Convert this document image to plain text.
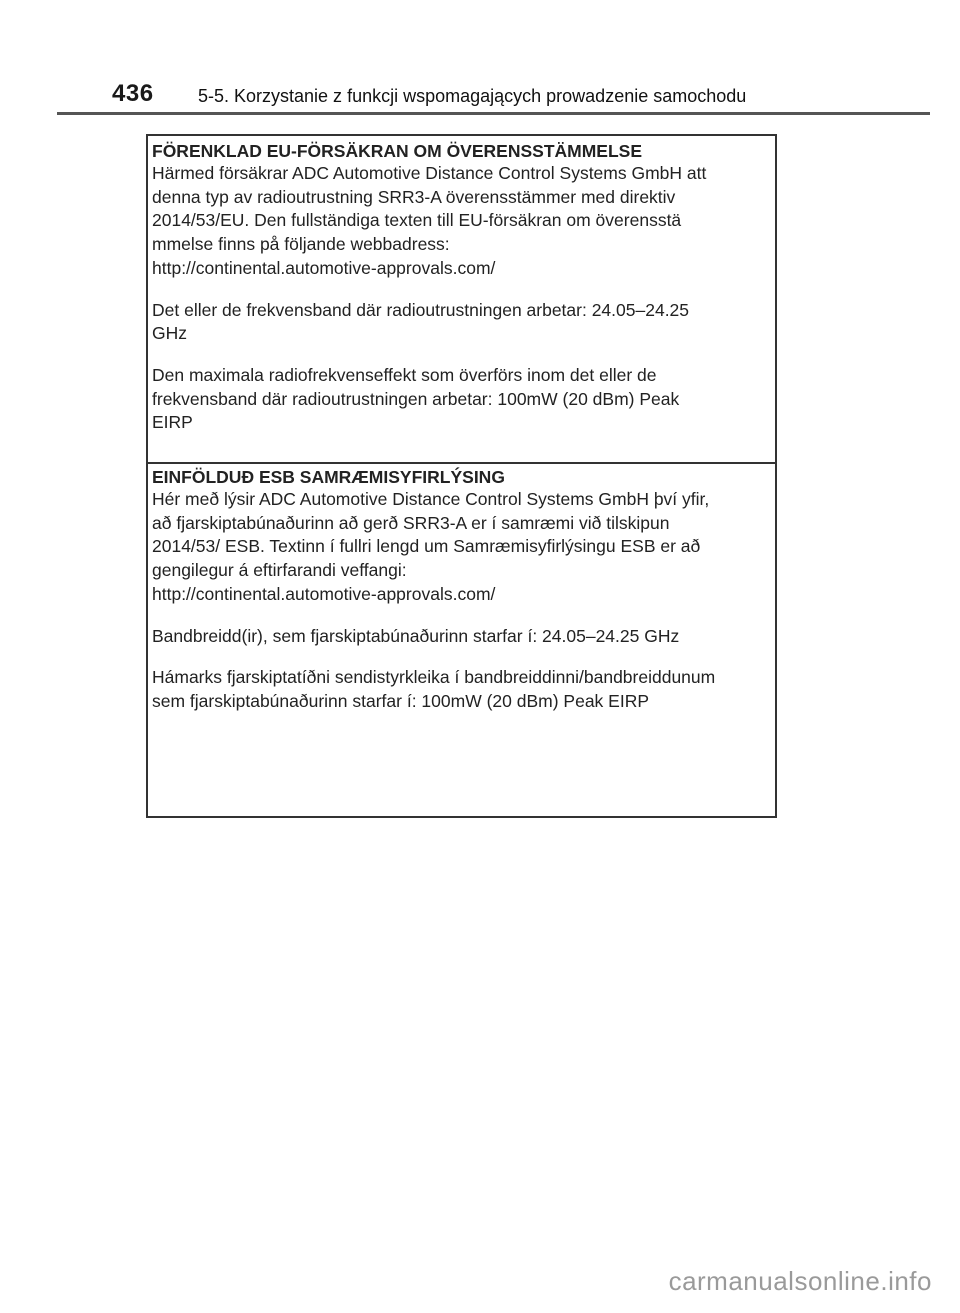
436 5-5. Korzystanie z funkcji wspomagających prowadzenie samochodu
FÖRENKLAD EU-FÖRSÄKRAN OM ÖVERENSSTÄMMELSE
Härmed försäkrar ADC Automotive Distance Control Systems GmbH att
denna typ av radioutrustning SRR3-A överensstämmer med direktiv
2014/53/EU. Den fullständiga texten till EU-försäkran om överensstä
mmelse finns på följande webbadress:
http://continental.automotive-approvals.com/
Det eller de frekvensband där radioutrustningen arbetar: 24.05–24.25
GHz
Den maximala radiofrekvenseffekt som överförs inom det eller de
frekvensband där radioutrustningen arbetar: 100mW (20 dBm) Peak
EIRP
EINFÖLDUÐ ESB SAMRÆMISYFIRLÝSING
Hér með lýsir ADC Automotive Distance Control Systems GmbH því yfir,
að fjarskiptabúnaðurinn að gerð SRR3-A er í samræmi við tilskipun
2014/53/ ESB. Textinn í fullri lengd um Samræmisyfirlýsingu ESB er að
gengilegur á eftirfarandi veffangi:
http://continental.automotive-approvals.com/
Bandbreidd(ir), sem fjarskiptabúnaðurinn starfar í: 24.05–24.25 GHz
Hámarks fjarskiptatíðni sendistyrkleika í bandbreiddinni/bandbreiddunum
sem fjarskiptabúnaðurinn starfar í: 100mW (20 dBm) Peak EIRP
carmanualsonline.info
